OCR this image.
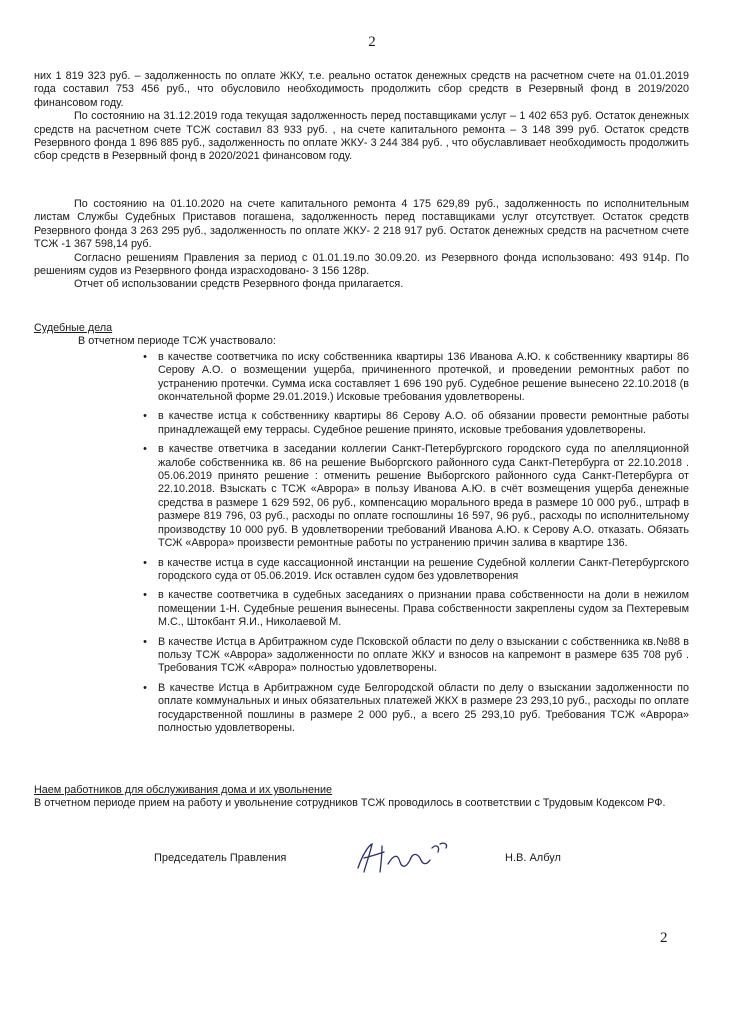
2

них 1 819 323 руб. – задолженность по оплате ЖКУ, т.е. реально остаток денежных средств на расчетном счете на 01.01.2019 года составил 753 456 руб., что обусловило необходимость продолжить сбор средств в Резервный фонд в 2019/2020 финансовом году.

По состоянию на 31.12.2019 года текущая задолженность перед поставщиками услуг – 1 402 653 руб. Остаток денежных средств на расчетном счете ТСЖ составил 83 933 руб. , на счете капитального ремонта – 3 148 399 руб. Остаток средств Резервного фонда 1 896 885 руб., задолженность по оплате ЖКУ- 3 244 384 руб. , что обуславливает необходимость продолжить сбор средств в Резервный фонд в 2020/2021 финансовом году.

По состоянию на 01.10.2020 на счете капитального ремонта 4 175 629,89 руб., задолженность по исполнительным листам Службы Судебных Приставов погашена, задолженность перед поставщиками услуг отсутствует. Остаток средств Резервного фонда 3 263 295 руб., задолженность по оплате ЖКУ- 2 218 917 руб. Остаток денежных средств на расчетном счете ТСЖ -1 367 598,14 руб.

Согласно решениям Правления за период с 01.01.19.по 30.09.20. из Резервного фонда использовано: 493 914р. По решениям судов из Резервного фонда израсходовано- 3 156 128р.

Отчет об использовании средств Резервного фонда прилагается.

Судебные дела

В отчетном периоде ТСЖ участвовало:

• в качестве соответчика по иску собственника квартиры 136 Иванова А.Ю. к собственнику квартиры 86 Серову А.О. о возмещении ущерба, причиненного протечкой, и проведении ремонтных работ по устранению протечки. Сумма иска составляет 1 696 190 руб. Судебное решение вынесено 22.10.2018 (в окончательной форме 29.01.2019.) Исковые требования удовлетворены.
• в качестве истца к собственнику квартиры 86 Серову А.О. об обязании провести ремонтные работы принадлежащей ему террасы. Судебное решение принято, исковые требования удовлетворены.
• в качестве ответчика в заседании коллегии Санкт-Петербургского городского суда по апелляционной жалобе собственника кв. 86 на решение Выборгского районного суда Санкт-Петербурга от 22.10.2018 . 05.06.2019 принято решение : отменить решение Выборгского районного суда Санкт-Петербурга от 22.10.2018. Взыскать с ТСЖ «Аврора» в пользу Иванова А.Ю. в счёт возмещения ущерба денежные средства в размере 1 629 592, 06 руб., компенсацию морального вреда в размере 10 000 руб., штраф в размере 819 796, 03 руб., расходы по оплате госпошлины 16 597, 96 руб., расходы по исполнительному производству 10 000 руб. В удовлетворении требований Иванова А.Ю. к Серову А.О. отказать. Обязать ТСЖ «Аврора» произвести ремонтные работы по устранению причин залива в квартире 136.
• в качестве истца в суде кассационной инстанции на решение Судебной коллегии Санкт-Петербургского городского суда от 05.06.2019. Иск оставлен судом без удовлетворения
• в качестве соответчика в судебных заседаниях о признании права собственности на доли в нежилом помещении 1-Н. Судебные решения вынесены. Права собственности закреплены судом за Пехтеревым М.С., Штокбант Я.И., Николаевой М.
• В качестве Истца в Арбитражном суде Псковской области по делу о взыскании с собственника кв.№88 в пользу ТСЖ «Аврора» задолженности по оплате ЖКУ и взносов на капремонт в размере 635 708 руб . Требования ТСЖ «Аврора» полностью удовлетворены.
• В качестве Истца в Арбитражном суде Белгородской области по делу о взыскании задолженности по оплате коммунальных и иных обязательных платежей ЖКХ в размере 23 293,10 руб., расходы по оплате государственной пошлины в размере 2 000 руб., а всего 25 293,10 руб. Требования ТСЖ «Аврора» полностью удовлетворены.

Наем работников для обслуживания дома и их увольнение

В отчетном периоде прием на работу и увольнение сотрудников ТСЖ проводилось в соответствии с Трудовым Кодексом РФ.

Председатель Правления	Н.В. Албул
2
